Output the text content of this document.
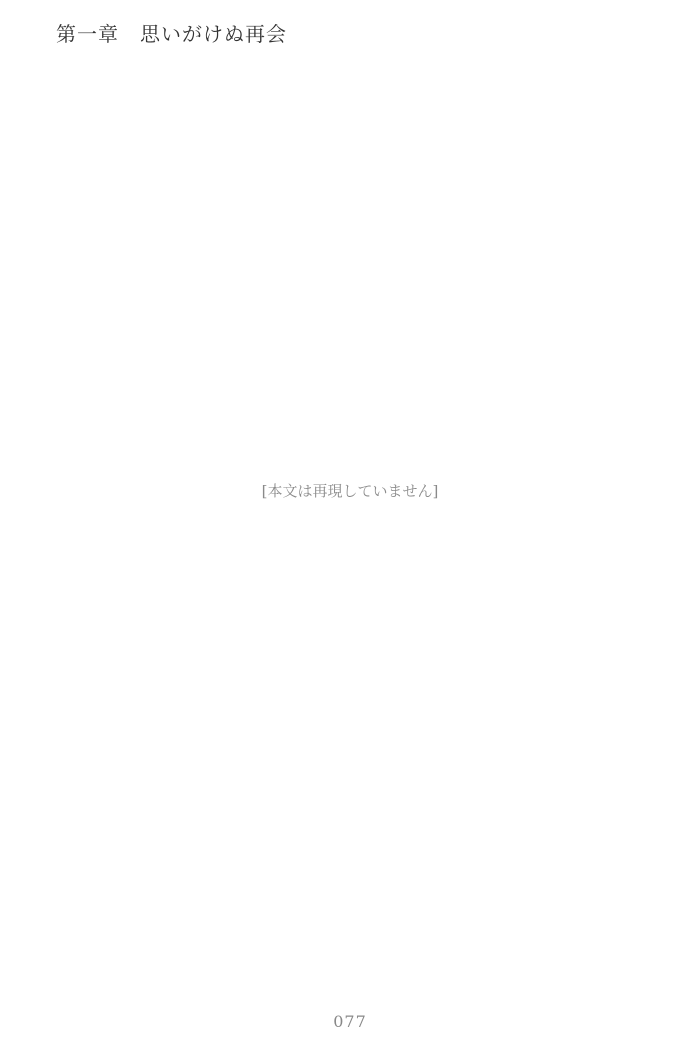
第一章　思いがけぬ再会
[本文は再現していません]
077
